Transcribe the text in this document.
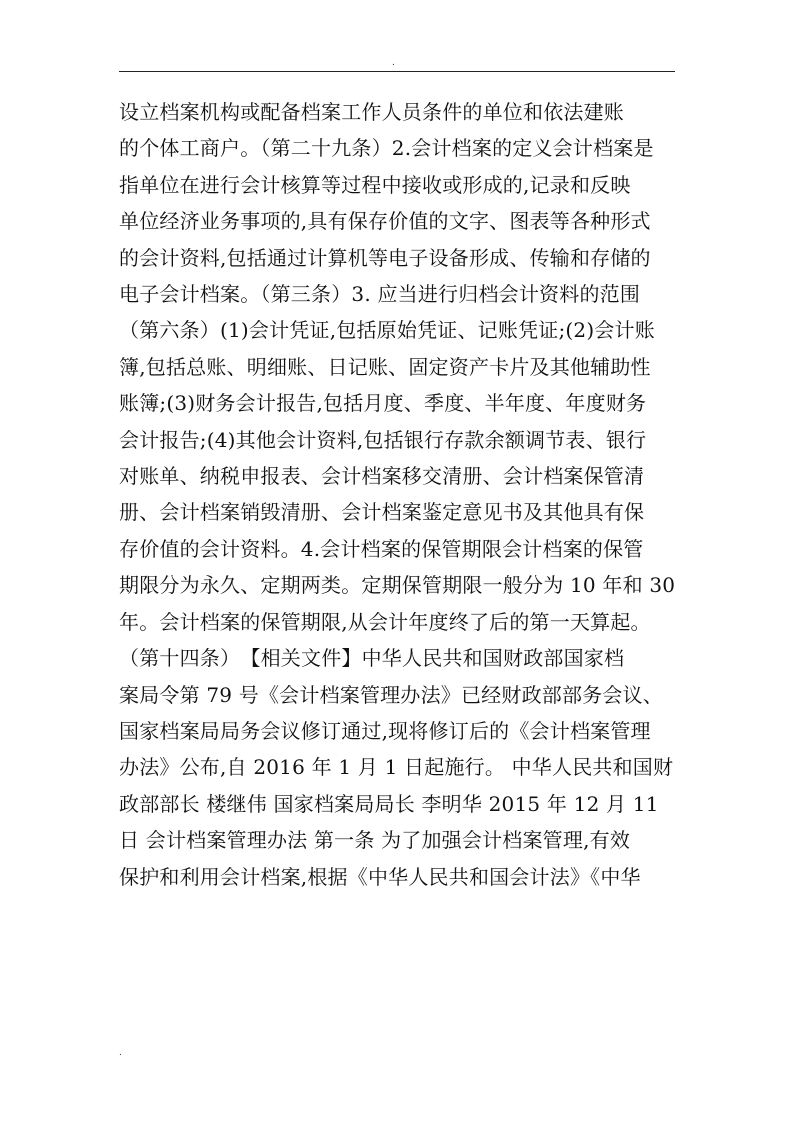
.
设立档案机构或配备档案工作人员条件的单位和依法建账
的个体工商户。（第二十九条）2.会计档案的定义会计档案是
指单位在进行会计核算等过程中接收或形成的,记录和反映
单位经济业务事项的,具有保存价值的文字、图表等各种形式
的会计资料,包括通过计算机等电子设备形成、传输和存储的
电子会计档案。（第三条）3. 应当进行归档会计资料的范围
（第六条）(1)会计凭证,包括原始凭证、记账凭证;(2)会计账
簿,包括总账、明细账、日记账、固定资产卡片及其他辅助性
账簿;(3)财务会计报告,包括月度、季度、半年度、年度财务
会计报告;(4)其他会计资料,包括银行存款余额调节表、银行
对账单、纳税申报表、会计档案移交清册、会计档案保管清
册、会计档案销毁清册、会计档案鉴定意见书及其他具有保
存价值的会计资料。4.会计档案的保管期限会计档案的保管
期限分为永久、定期两类。定期保管期限一般分为 10 年和 30
年。会计档案的保管期限,从会计年度终了后的第一天算起。
（第十四条）　【相关文件】中华人民共和国财政部国家档
案局令第 79 号《会计档案管理办法》已经财政部部务会议、
国家档案局局务会议修订通过,现将修订后的《会计档案管理
办法》公布,自 2016 年 1 月 1 日起施行。 中华人民共和国财
政部部长 楼继伟 国家档案局局长 李明华 2015 年 12 月 11
日 会计档案管理办法 第一条 为了加强会计档案管理,有效
保护和利用会计档案,根据《中华人民共和国会计法》《中华
.
